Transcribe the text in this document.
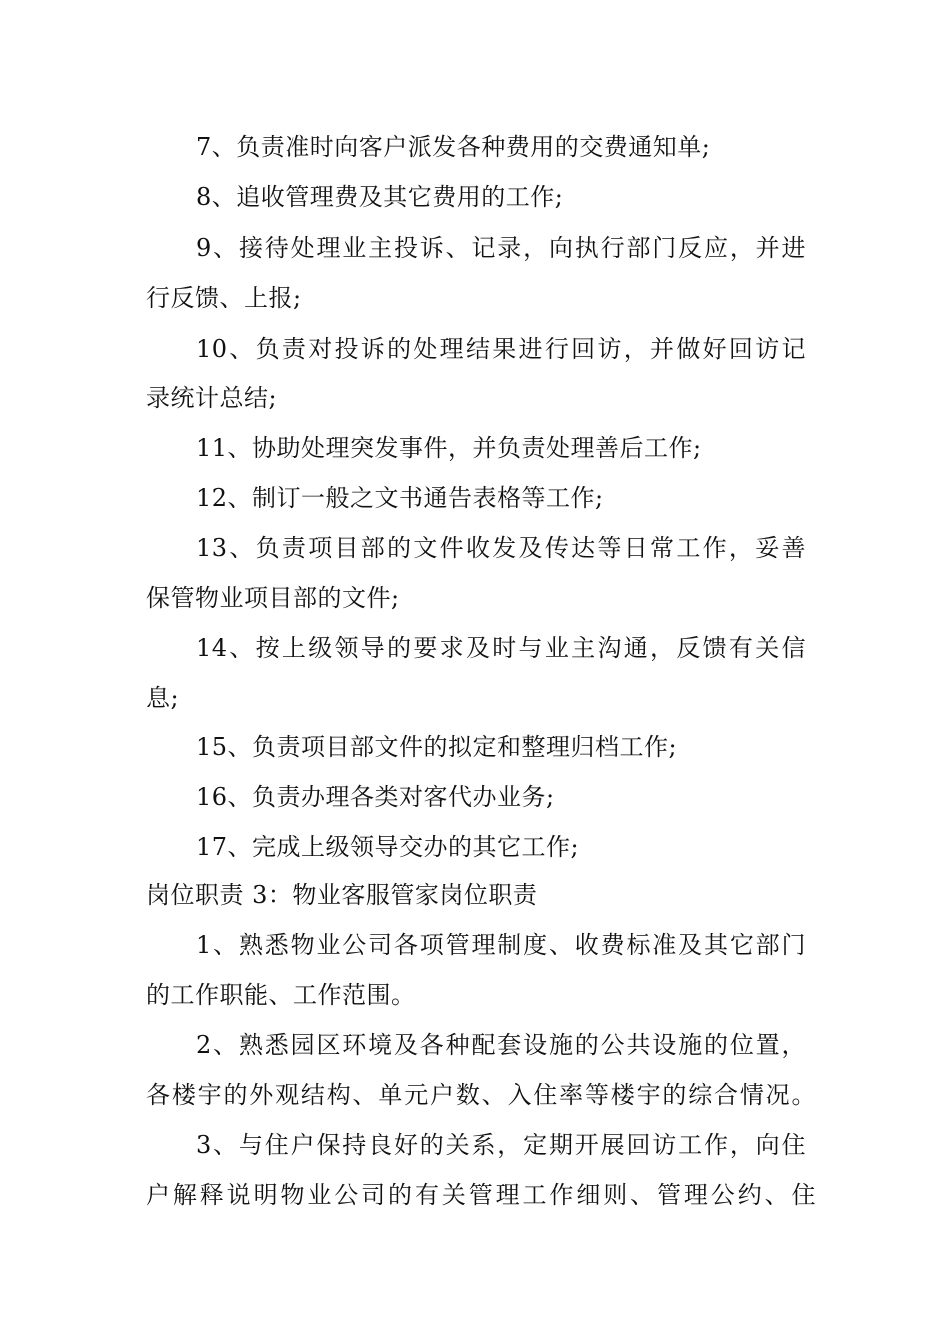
7、负责准时向客户派发各种费用的交费通知单;
8、追收管理费及其它费用的工作;
9、接待处理业主投诉、记录，向执行部门反应，并进
行反馈、上报;
10、负责对投诉的处理结果进行回访，并做好回访记
录统计总结;
11、协助处理突发事件，并负责处理善后工作;
12、制订一般之文书通告表格等工作;
13、负责项目部的文件收发及传达等日常工作，妥善
保管物业项目部的文件;
14、按上级领导的要求及时与业主沟通，反馈有关信
息;
15、负责项目部文件的拟定和整理归档工作;
16、负责办理各类对客代办业务;
17、完成上级领导交办的其它工作;
岗位职责 3：物业客服管家岗位职责
1、熟悉物业公司各项管理制度、收费标准及其它部门
的工作职能、工作范围。
2、熟悉园区环境及各种配套设施的公共设施的位置，
各楼宇的外观结构、单元户数、入住率等楼宇的综合情况。
3、与住户保持良好的关系，定期开展回访工作，向住
户解释说明物业公司的有关管理工作细则、管理公约、住
